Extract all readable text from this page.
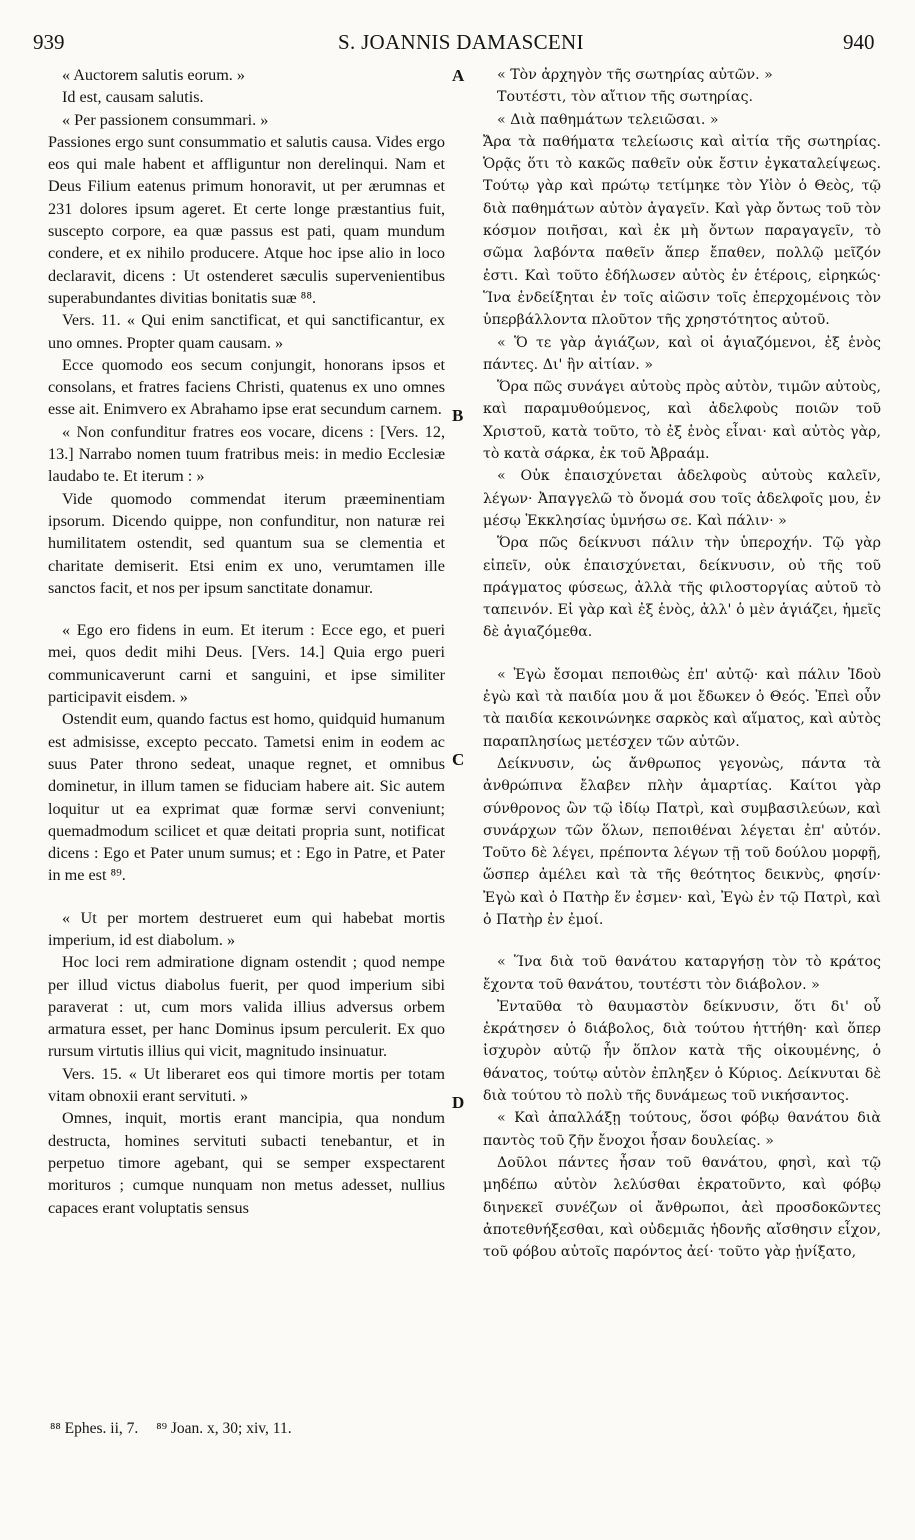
939	S. JOANNIS DAMASCENI	940
A
B
C
D

« Auctorem salutis eorum. »

Id est, causam salutis.

« Per passionem consummari. »

Passiones ergo sunt consummatio et salutis causa. Vides ergo eos qui male habent et affliguntur non derelinqui. Nam et Deus Filium eatenus primum honoravit, ut per ærumnas et 231 dolores ipsum ageret. Et certe longe præstantius fuit, suscepto corpore, ea quæ passus est pati, quam mundum condere, et ex nihilo producere. Atque hoc ipse alio in loco declaravit, dicens : Ut ostenderet sæculis supervenientibus superabundantes divitias bonitatis suæ ⁸⁸.

Vers. 11. « Qui enim sanctificat, et qui sanctificantur, ex uno omnes. Propter quam causam. »

Ecce quomodo eos secum conjungit, honorans ipsos et consolans, et fratres faciens Christi, quatenus ex uno omnes esse ait. Enimvero ex Abrahamo ipse erat secundum carnem.

« Non confunditur fratres eos vocare, dicens : [Vers. 12, 13.] Narrabo nomen tuum fratribus meis: in medio Ecclesiæ laudabo te. Et iterum : »

Vide quomodo commendat iterum præeminentiam ipsorum. Dicendo quippe, non confunditur, non naturæ rei humilitatem ostendit, sed quantum sua se clementia et charitate demiserit. Etsi enim ex uno, verumtamen ille sanctos facit, et nos per ipsum sanctitate donamur.

« Ego ero fidens in eum. Et iterum : Ecce ego, et pueri mei, quos dedit mihi Deus. [Vers. 14.] Quia ergo pueri communicaverunt carni et sanguini, et ipse similiter participavit eisdem. »

Ostendit eum, quando factus est homo, quidquid humanum est admisisse, excepto peccato. Tametsi enim in eodem ac suus Pater throno sedeat, unaque regnet, et omnibus dominetur, in illum tamen se fiduciam habere ait. Sic autem loquitur ut ea exprimat quæ formæ servi conveniunt; quemadmodum scilicet et quæ deitati propria sunt, notificat dicens : Ego et Pater unum sumus; et : Ego in Patre, et Pater in me est ⁸⁹.

« Ut per mortem destrueret eum qui habebat mortis imperium, id est diabolum. »

Hoc loci rem admiratione dignam ostendit ; quod nempe per illud victus diabolus fuerit, per quod imperium sibi paraverat : ut, cum mors valida illius adversus orbem armatura esset, per hanc Dominus ipsum perculerit. Ex quo rursum virtutis illius qui vicit, magnitudo insinuatur.

Vers. 15. « Ut liberaret eos qui timore mortis per totam vitam obnoxii erant servituti. »

Omnes, inquit, mortis erant mancipia, qua nondum destructa, homines servituti subacti tenebantur, et in perpetuo timore agebant, qui se semper exspectarent morituros ; cumque nunquam non metus adesset, nullius capaces erant voluptatis sensus

« Τὸν ἀρχηγὸν τῆς σωτηρίας αὐτῶν. »

Τουτέστι, τὸν αἴτιον τῆς σωτηρίας.

« Διὰ παθημάτων τελειῶσαι. »

Ἄρα τὰ παθήματα τελείωσις καὶ αἰτία τῆς σωτηρίας. Ὁρᾷς ὅτι τὸ κακῶς παθεῖν οὐκ ἔστιν ἐγκαταλείψεως. Τούτῳ γὰρ καὶ πρώτῳ τετίμηκε τὸν Υἱὸν ὁ Θεὸς, τῷ διὰ παθημάτων αὐτὸν ἀγαγεῖν. Καὶ γὰρ ὄντως τοῦ τὸν κόσμον ποιῆσαι, καὶ ἐκ μὴ ὄντων παραγαγεῖν, τὸ σῶμα λαβόντα παθεῖν ἅπερ ἔπαθεν, πολλῷ μεῖζόν ἐστι. Καὶ τοῦτο ἐδήλωσεν αὐτὸς ἐν ἑτέροις, εἰρηκώς· Ἵνα ἐνδείξηται ἐν τοῖς αἰῶσιν τοῖς ἐπερχομένοις τὸν ὑπερβάλλοντα πλοῦτον τῆς χρηστότητος αὐτοῦ.

« Ὅ τε γὰρ ἁγιάζων, καὶ οἱ ἁγιαζόμενοι, ἐξ ἑνὸς πάντες. Δι' ἣν αἰτίαν. »

Ὅρα πῶς συνάγει αὐτοὺς πρὸς αὐτὸν, τιμῶν αὐτοὺς, καὶ παραμυθούμενος, καὶ ἀδελφοὺς ποιῶν τοῦ Χριστοῦ, κατὰ τοῦτο, τὸ ἐξ ἑνὸς εἶναι· καὶ αὐτὸς γὰρ, τὸ κατὰ σάρκα, ἐκ τοῦ Ἀβραάμ.

« Οὐκ ἐπαισχύνεται ἀδελφοὺς αὐτοὺς καλεῖν, λέγων· Ἀπαγγελῶ τὸ ὄνομά σου τοῖς ἀδελφοῖς μου, ἐν μέσῳ Ἐκκλησίας ὑμνήσω σε. Καὶ πάλιν· »

Ὅρα πῶς δείκνυσι πάλιν τὴν ὑπεροχήν. Τῷ γὰρ εἰπεῖν, οὐκ ἐπαισχύνεται, δείκνυσιν, οὐ τῆς τοῦ πράγματος φύσεως, ἀλλὰ τῆς φιλοστοργίας αὐτοῦ τὸ ταπεινόν. Εἰ γὰρ καὶ ἐξ ἑνὸς, ἀλλ' ὁ μὲν ἁγιάζει, ἡμεῖς δὲ ἁγιαζόμεθα.

« Ἐγὼ ἔσομαι πεποιθὼς ἐπ' αὐτῷ· καὶ πάλιν Ἰδοὺ ἐγὼ καὶ τὰ παιδία μου ἅ μοι ἔδωκεν ὁ Θεός. Ἐπεὶ οὖν τὰ παιδία κεκοινώνηκε σαρκὸς καὶ αἵματος, καὶ αὐτὸς παραπλησίως μετέσχεν τῶν αὐτῶν.

Δείκνυσιν, ὡς ἄνθρωπος γεγονὼς, πάντα τὰ ἀνθρώπινα ἔλαβεν πλὴν ἁμαρτίας. Καίτοι γὰρ σύνθρονος ὢν τῷ ἰδίῳ Πατρὶ, καὶ συμβασιλεύων, καὶ συνάρχων τῶν ὅλων, πεποιθέναι λέγεται ἐπ' αὐτόν. Τοῦτο δὲ λέγει, πρέποντα λέγων τῇ τοῦ δούλου μορφῇ, ὥσπερ ἀμέλει καὶ τὰ τῆς θεότητος δεικνὺς, φησίν· Ἐγὼ καὶ ὁ Πατὴρ ἕν ἐσμεν· καὶ, Ἐγὼ ἐν τῷ Πατρὶ, καὶ ὁ Πατὴρ ἐν ἐμοί.

« Ἵνα διὰ τοῦ θανάτου καταργήσῃ τὸν τὸ κράτος ἔχοντα τοῦ θανάτου, τουτέστι τὸν διάβολον. »

Ἐνταῦθα τὸ θαυμαστὸν δείκνυσιν, ὅτι δι' οὗ ἐκράτησεν ὁ διάβολος, διὰ τούτου ἡττήθη· καὶ ὅπερ ἰσχυρὸν αὐτῷ ἦν ὅπλον κατὰ τῆς οἰκουμένης, ὁ θάνατος, τούτῳ αὐτὸν ἐπληξεν ὁ Κύριος. Δείκνυται δὲ διὰ τούτου τὸ πολὺ τῆς δυνάμεως τοῦ νικήσαντος.

« Καὶ ἀπαλλάξῃ τούτους, ὅσοι φόβῳ θανάτου διὰ παντὸς τοῦ ζῆν ἔνοχοι ἦσαν δουλείας. »

Δοῦλοι πάντες ἦσαν τοῦ θανάτου, φησὶ, καὶ τῷ μηδέπω αὐτὸν λελύσθαι ἐκρατοῦντο, καὶ φόβῳ διηνεκεῖ συνέζων οἱ ἄνθρωποι, ἀεὶ προσδοκῶντες ἀποτεθνήξεσθαι, καὶ οὐδεμιᾶς ἡδονῆς αἴσθησιν εἶχον, τοῦ φόβου αὐτοῖς παρόντος ἀεί· τοῦτο γὰρ ᾐνίξατο,

⁸⁸ Ephes. ii, 7. ⁸⁹ Joan. x, 30; xiv, 11.
